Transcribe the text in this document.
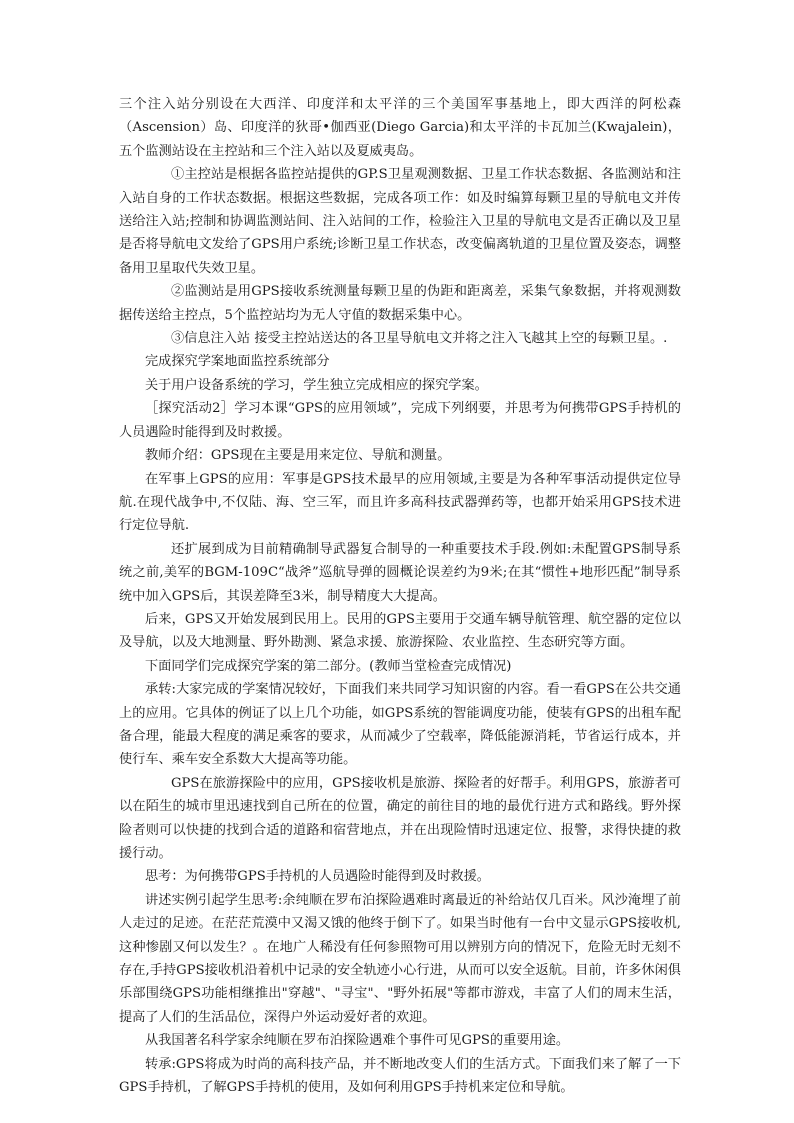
三个注入站分别设在大西洋、印度洋和太平洋的三个美国军事基地上，即大西洋的阿松森（Ascension）岛、印度洋的狄哥•伽西亚(Diego Garcia)和太平洋的卡瓦加兰(Kwajalein)，五个监测站设在主控站和三个注入站以及夏威夷岛。

①主控站是根据各监控站提供的GP.S卫星观测数据、卫星工作状态数据、各监测站和注入站自身的工作状态数据。根据这些数据，完成各项工作：如及时编算每颗卫星的导航电文并传送给注入站;控制和协调监测站间、注入站间的工作，检验注入卫星的导航电文是否正确以及卫星是否将导航电文发给了GPS用户系统;诊断卫星工作状态，改变偏离轨道的卫星位置及姿态，调整备用卫星取代失效卫星。

②监测站是用GPS接收系统测量每颗卫星的伪距和距离差，采集气象数据，并将观测数据传送给主控点，5个监控站均为无人守值的数据采集中心。

③信息注入站 接受主控站送达的各卫星导航电文并将之注入飞越其上空的每颗卫星。.

完成探究学案地面监控系统部分

关于用户设备系统的学习，学生独立完成相应的探究学案。

［探究活动2］学习本课“GPS的应用领域”，完成下列纲要，并思考为何携带GPS手持机的人员遇险时能得到及时救援。

教师介绍：GPS现在主要是用来定位、导航和测量。

在军事上GPS的应用：军事是GPS技术最早的应用领域,主要是为各种军事活动提供定位导航.在现代战争中,不仅陆、海、空三军，而且许多高科技武器弹药等，也都开始采用GPS技术进行定位导航.

还扩展到成为目前精确制导武器复合制导的一种重要技术手段.例如:未配置GPS制导系统之前,美军的BGM-109C“战斧”巡航导弹的圆概论误差约为9米;在其“惯性+地形匹配”制导系统中加入GPS后，其误差降至3米，制导精度大大提高。

后来，GPS又开始发展到民用上。民用的GPS主要用于交通车辆导航管理、航空器的定位以及导航，以及大地测量、野外勘测、紧急求援、旅游探险、农业监控、生态研究等方面。

下面同学们完成探究学案的第二部分。(教师当堂检查完成情况)

承转:大家完成的学案情况较好，下面我们来共同学习知识窗的内容。看一看GPS在公共交通上的应用。它具体的例证了以上几个功能，如GPS系统的智能调度功能，使装有GPS的出租车配备合理，能最大程度的满足乘客的要求，从而减少了空载率，降低能源消耗，节省运行成本，并使行车、乘车安全系数大大提高等功能。

GPS在旅游探险中的应用，GPS接收机是旅游、探险者的好帮手。利用GPS，旅游者可以在陌生的城市里迅速找到自己所在的位置，确定的前往目的地的最优行进方式和路线。野外探险者则可以快捷的找到合适的道路和宿营地点，并在出现险情时迅速定位、报警，求得快捷的救援行动。

思考：为何携带GPS手持机的人员遇险时能得到及时救援。

讲述实例引起学生思考:余纯顺在罗布泊探险遇难时离最近的补给站仅几百米。风沙淹埋了前人走过的足迹。在茫茫荒漠中又渴又饿的他终于倒下了。如果当时他有一台中文显示GPS接收机,这种惨剧又何以发生？。在地广人稀没有任何参照物可用以辨别方向的情况下，危险无时无刻不存在,手持GPS接收机沿着机中记录的安全轨迹小心行进，从而可以安全返航。目前，许多休闲俱乐部围绕GPS功能相继推出"穿越"、"寻宝"、"野外拓展"等都市游戏，丰富了人们的周末生活，提高了人们的生活品位，深得户外运动爱好者的欢迎。

从我国著名科学家余纯顺在罗布泊探险遇难个事件可见GPS的重要用途。

转承:GPS将成为时尚的高科技产品，并不断地改变人们的生活方式。下面我们来了解了一下GPS手持机，了解GPS手持机的使用，及如何利用GPS手持机来定位和导航。
